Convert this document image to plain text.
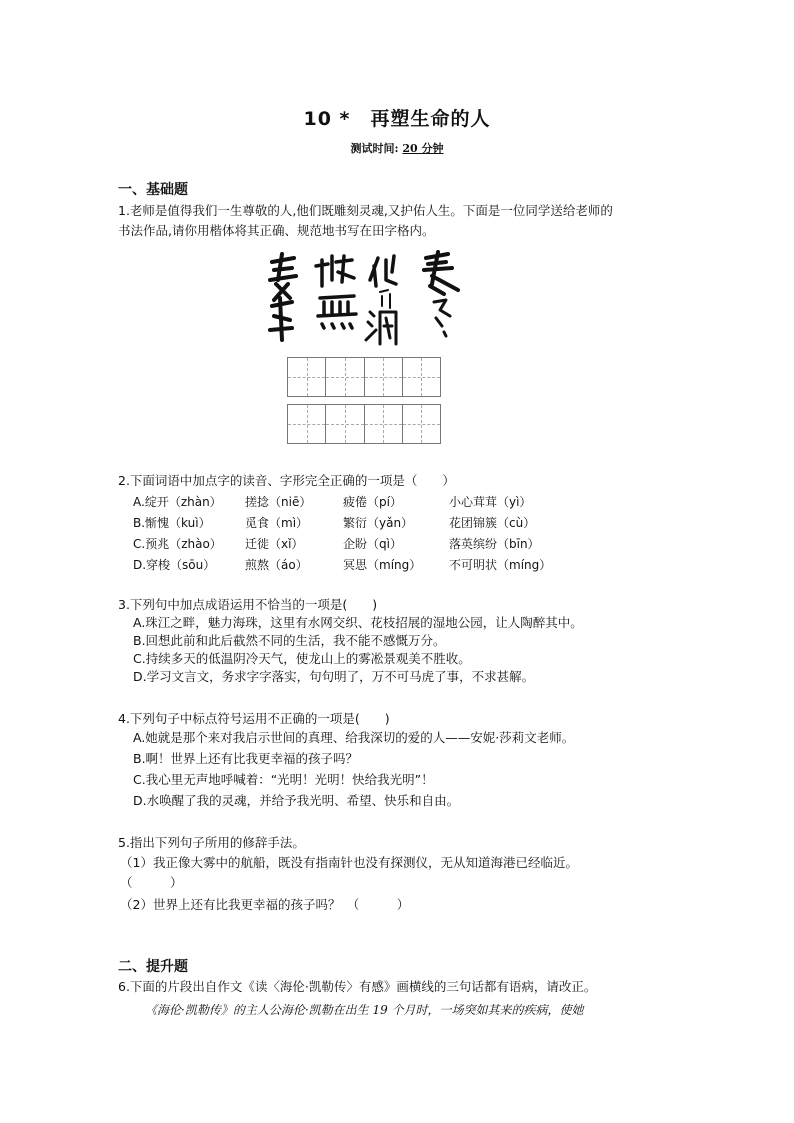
10 *　再塑生命的人
测试时间: 20 分钟
一、基础题
1.老师是值得我们一生尊敬的人,他们既雕刻灵魂,又护佑人生。下面是一位同学送给老师的
书法作品,请你用楷体将其正确、规范地书写在田字格内。
2.下面词语中加点字的读音、字形完全正确的一项是（　　）
A.绽开（zhàn） 搓捻（niē）	疲倦（pí）	小心茸茸（yì）
B.惭愧（kuì）	觅食（mì）	繁衍（yǎn）	花团锦簇（cù）
C.预兆（zhào） 迁徙（xǐ）	企盼（qì）	落英缤纷（bīn）
D.穿梭（sōu） 煎熬（áo）	冥思（míng） 不可明状（míng）
3.下列句中加点成语运用不恰当的一项是(　　)
A.珠江之畔，魅力海珠，这里有水网交织、花枝招展的湿地公园，让人陶醉其中。
B.回想此前和此后截然不同的生活，我不能不感慨万分。
C.持续多天的低温阴冷天气，使龙山上的雾凇景观美不胜收。
D.学习文言文，务求字字落实，句句明了，万不可马虎了事，不求甚解。
4.下列句子中标点符号运用不正确的一项是(　　)
A.她就是那个来对我启示世间的真理、给我深切的爱的人——安妮·莎莉文老师。
B.啊！世界上还有比我更幸福的孩子吗？
C.我心里无声地呼喊着：“光明！光明！快给我光明”！
D.水唤醒了我的灵魂，并给予我光明、希望、快乐和自由。
5.指出下列句子所用的修辞手法。
（1）我正像大雾中的航船，既没有指南针也没有探测仪，无从知道海港已经临近。
（　　　）
（2）世界上还有比我更幸福的孩子吗？　（　　　）
二、提升题
6.下面的片段出自作文《读〈海伦·凯勒传〉有感》画横线的三句话都有语病，请改正。
《海伦·凯勒传》的主人公海伦·凯勒在出生 19 个月时，一场突如其来的疾病，使她
